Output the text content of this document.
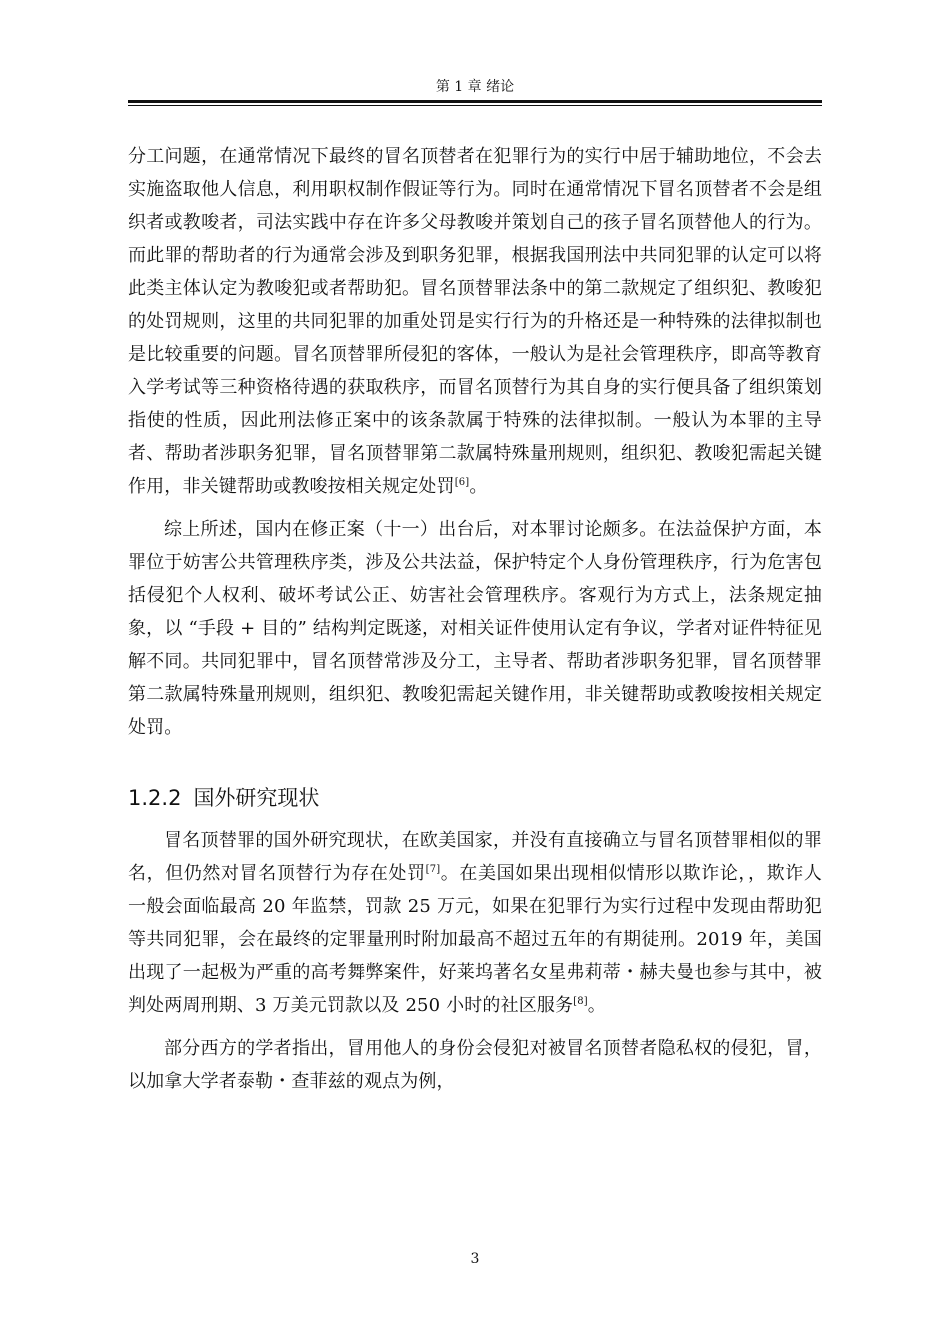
第 1 章 绪论

分工问题，在通常情况下最终的冒名顶替者在犯罪行为的实行中居于辅助地位，不会去实施盗取他人信息，利用职权制作假证等行为。同时在通常情况下冒名顶替者不会是组织者或教唆者，司法实践中存在许多父母教唆并策划自己的孩子冒名顶替他人的行为。而此罪的帮助者的行为通常会涉及到职务犯罪，根据我国刑法中共同犯罪的认定可以将此类主体认定为教唆犯或者帮助犯。冒名顶替罪法条中的第二款规定了组织犯、教唆犯的处罚规则，这里的共同犯罪的加重处罚是实行行为的升格还是一种特殊的法律拟制也是比较重要的问题。冒名顶替罪所侵犯的客体，一般认为是社会管理秩序，即高等教育入学考试等三种资格待遇的获取秩序，而冒名顶替行为其自身的实行便具备了组织策划指使的性质，因此刑法修正案中的该条款属于特殊的法律拟制。一般认为本罪的主导者、帮助者涉职务犯罪，冒名顶替罪第二款属特殊量刑规则，组织犯、教唆犯需起关键作用，非关键帮助或教唆按相关规定处罚[6]。

综上所述，国内在修正案（十一）出台后，对本罪讨论颇多。在法益保护方面，本罪位于妨害公共管理秩序类，涉及公共法益，保护特定个人身份管理秩序，行为危害包括侵犯个人权利、破坏考试公正、妨害社会管理秩序。客观行为方式上，法条规定抽象，以 “手段 + 目的” 结构判定既遂，对相关证件使用认定有争议，学者对证件特征见解不同。共同犯罪中，冒名顶替常涉及分工，主导者、帮助者涉职务犯罪，冒名顶替罪第二款属特殊量刑规则，组织犯、教唆犯需起关键作用，非关键帮助或教唆按相关规定处罚。

1.2.2 国外研究现状

冒名顶替罪的国外研究现状，在欧美国家，并没有直接确立与冒名顶替罪相似的罪名，但仍然对冒名顶替行为存在处罚[7]。在美国如果出现相似情形以欺诈论，，欺诈人一般会面临最高 20 年监禁，罚款 25 万元，如果在犯罪行为实行过程中发现由帮助犯等共同犯罪，会在最终的定罪量刑时附加最高不超过五年的有期徒刑。2019 年，美国出现了一起极为严重的高考舞弊案件，好莱坞著名女星弗莉蒂・赫夫曼也参与其中，被判处两周刑期、3 万美元罚款以及 250 小时的社区服务[8]。

部分西方的学者指出，冒用他人的身份会侵犯对被冒名顶替者隐私权的侵犯，冒，以加拿大学者泰勒・查菲兹的观点为例，

3
